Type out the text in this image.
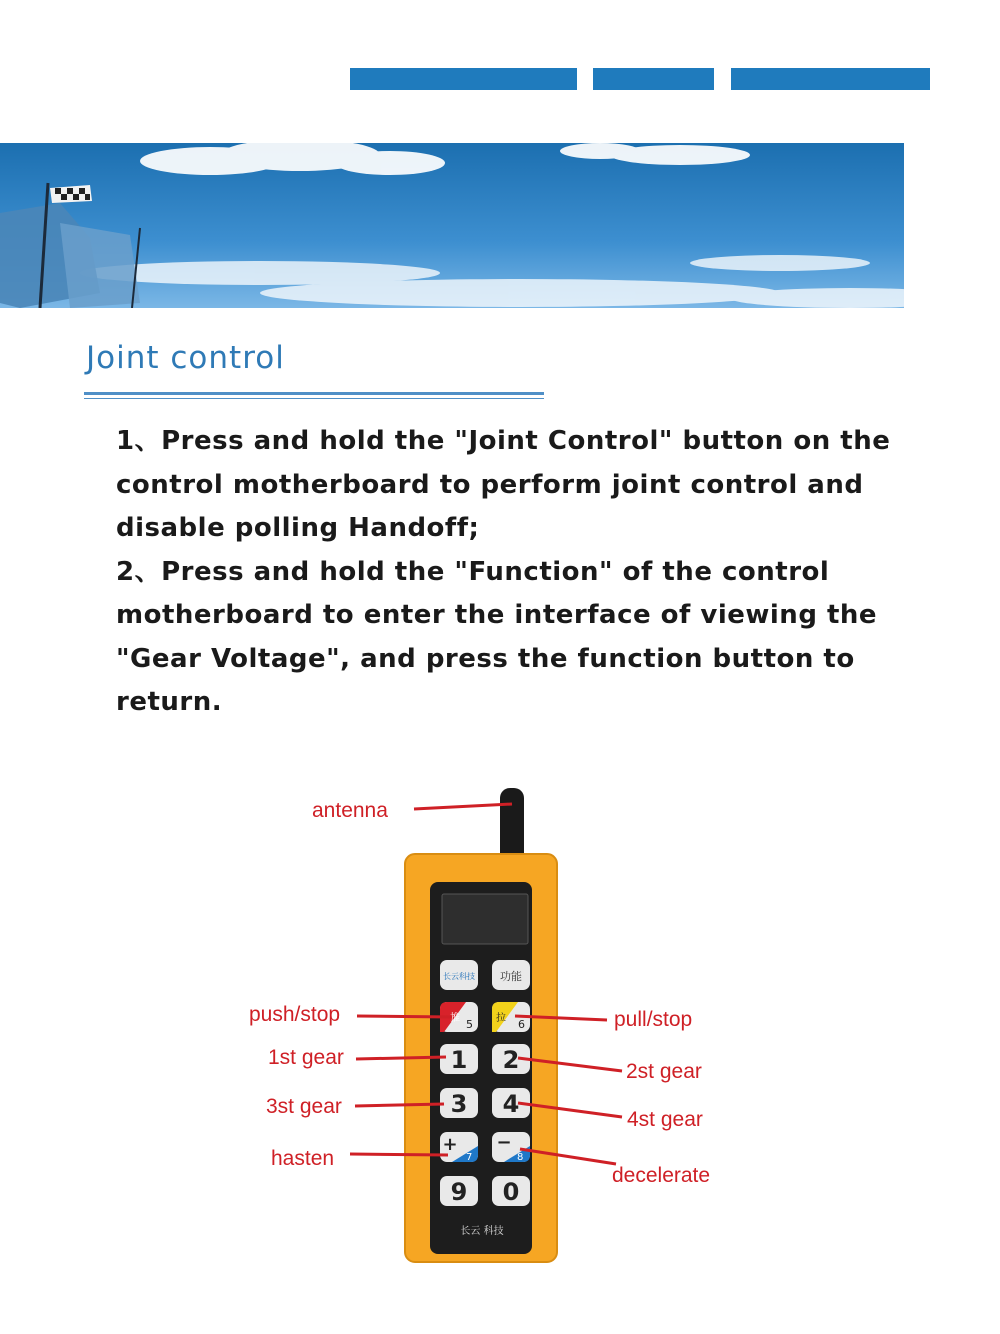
Joint control

1、Press and hold the "Joint Control" button on the control motherboard to perform joint control and disable polling Handoff;

2、Press and hold the "Function" of the control motherboard to enter the interface of viewing the "Gear Voltage", and press the function button to return.

长云科技 功能
推 5 拉 6
1 2
3 4
+
7
−
8
9 0
长云 科技
antenna
push/stop	pull/stop
1st gear
2st gear
3st gear
4st gear
hasten
decelerate
